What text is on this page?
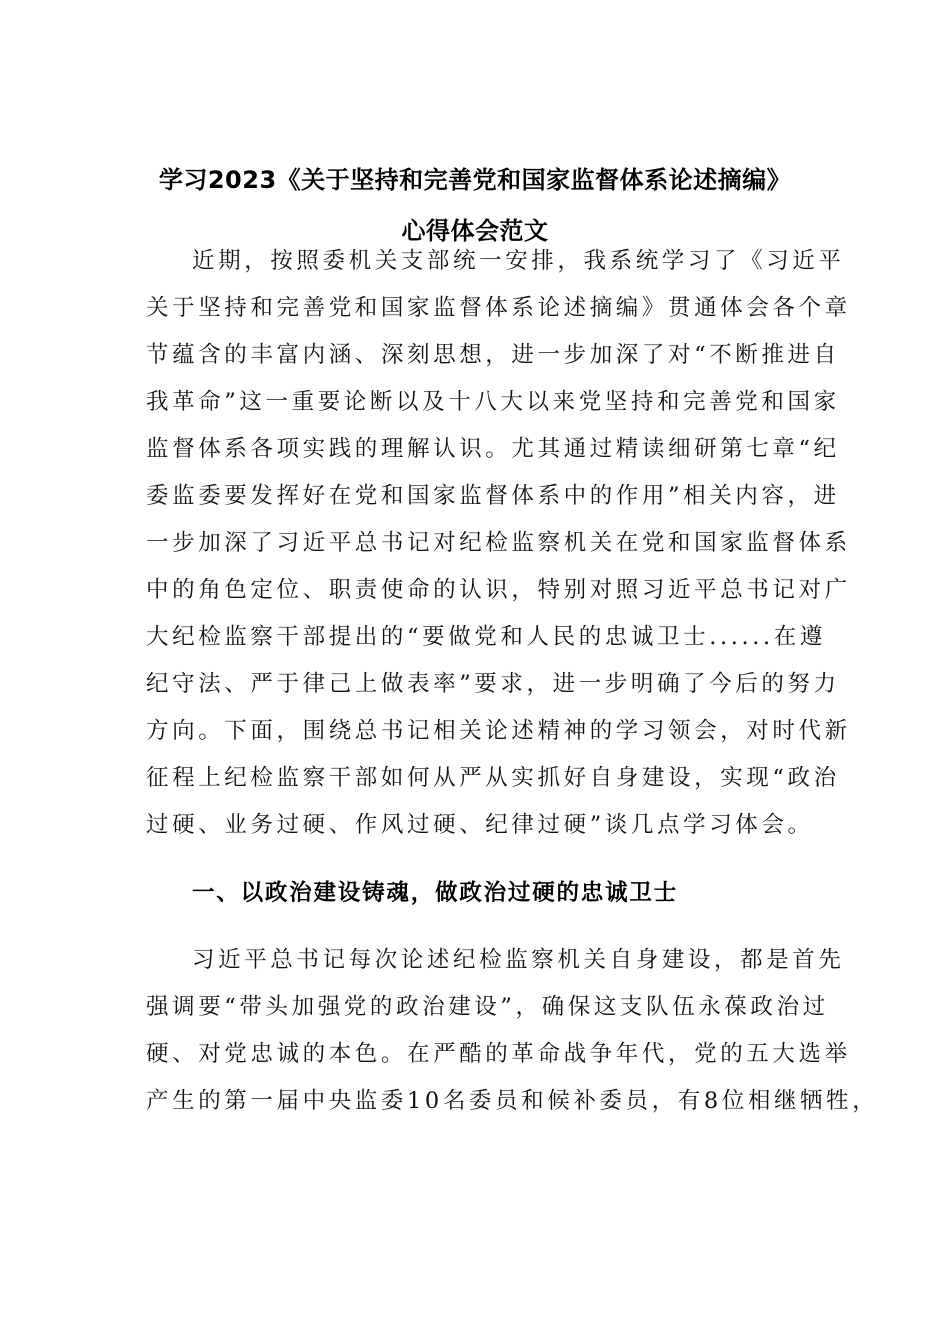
学习2023《关于坚持和完善党和国家监督体系论述摘编》
心得体会范文
近期，按照委机关支部统一安排，我系统学习了《习近平
关于坚持和完善党和国家监督体系论述摘编》贯通体会各个章
节蕴含的丰富内涵、深刻思想，进一步加深了对“不断推进自
我革命”这一重要论断以及十八大以来党坚持和完善党和国家
监督体系各项实践的理解认识。尤其通过精读细研第七章“纪
委监委要发挥好在党和国家监督体系中的作用”相关内容，进
一步加深了习近平总书记对纪检监察机关在党和国家监督体系
中的角色定位、职责使命的认识，特别对照习近平总书记对广
大纪检监察干部提出的“要做党和人民的忠诚卫士......在遵
纪守法、严于律己上做表率”要求，进一步明确了今后的努力
方向。下面，围绕总书记相关论述精神的学习领会，对时代新
征程上纪检监察干部如何从严从实抓好自身建设，实现“政治
过硬、业务过硬、作风过硬、纪律过硬”谈几点学习体会。
一、以政治建设铸魂，做政治过硬的忠诚卫士
习近平总书记每次论述纪检监察机关自身建设，都是首先
强调要“带头加强党的政治建设”，确保这支队伍永葆政治过
硬、对党忠诚的本色。在严酷的革命战争年代，党的五大选举
产生的第一届中央监委10名委员和候补委员，有8位相继牺牲，
